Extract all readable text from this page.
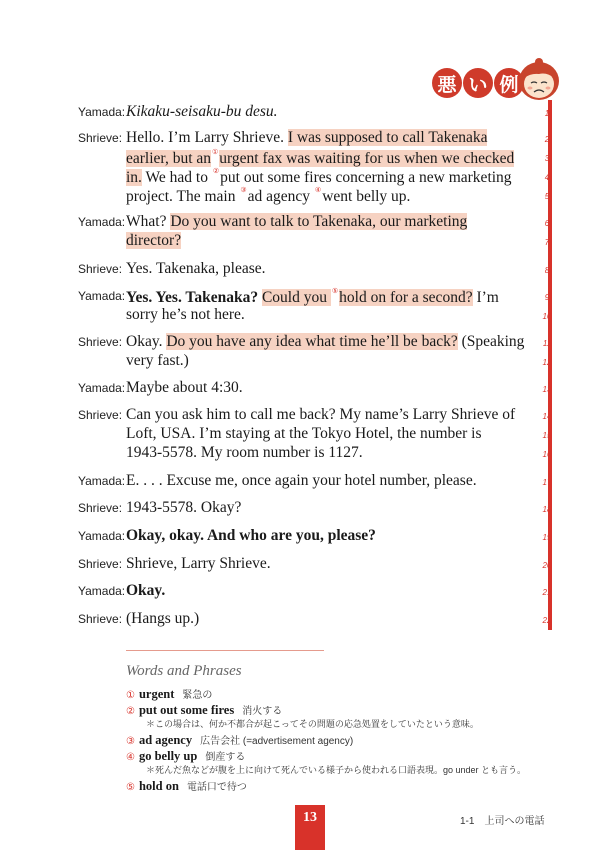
悪 い 例
Yamada: Kikaku-seisaku-bu desu.	1
Shrieve: Hello. I’m Larry Shrieve. I was supposed to call Takenaka	2
earlier, but an①urgent fax was waiting for us when we checked	3
in. We had to ②put out some fires concerning a new marketing	4
project. The main ③ad agency ④went belly up.	5
Yamada: What? Do you want to talk to Takenaka, our marketing	6
director?	7
Shrieve: Yes. Takenaka, please.	8
Yamada: Yes. Yes. Takenaka? Could you ⑤hold on for a second? I’m	9
sorry he’s not here.	10
Shrieve: Okay. Do you have any idea what time he’ll be back? (Speaking	11
very fast.)	12
Yamada: Maybe about 4:30.	13
Shrieve: Can you ask him to call me back? My name’s Larry Shrieve of	14
Loft, USA. I’m staying at the Tokyo Hotel, the number is	15
1943-5578. My room number is 1127.	16
Yamada: E. . . . Excuse me, once again your hotel number, please.	17
Shrieve: 1943-5578. Okay?	18
Yamada: Okay, okay. And who are you, please?	19
Shrieve: Shrieve, Larry Shrieve.	20
Yamada: Okay.	21
Shrieve: (Hangs up.)	22
Words and Phrases
① urgent 緊急の
② put out some fires 消火する
＊この場合は、何か不都合が起こってその問題の応急処置をしていたという意味。
③ ad agency 広告会社 (=advertisement agency)
④ go belly up 倒産する
＊死んだ魚などが腹を上に向けて死んでいる様子から使われる口語表現。go under とも言う。
⑤ hold on 電話口で待つ
13	1-1　上司への電話
